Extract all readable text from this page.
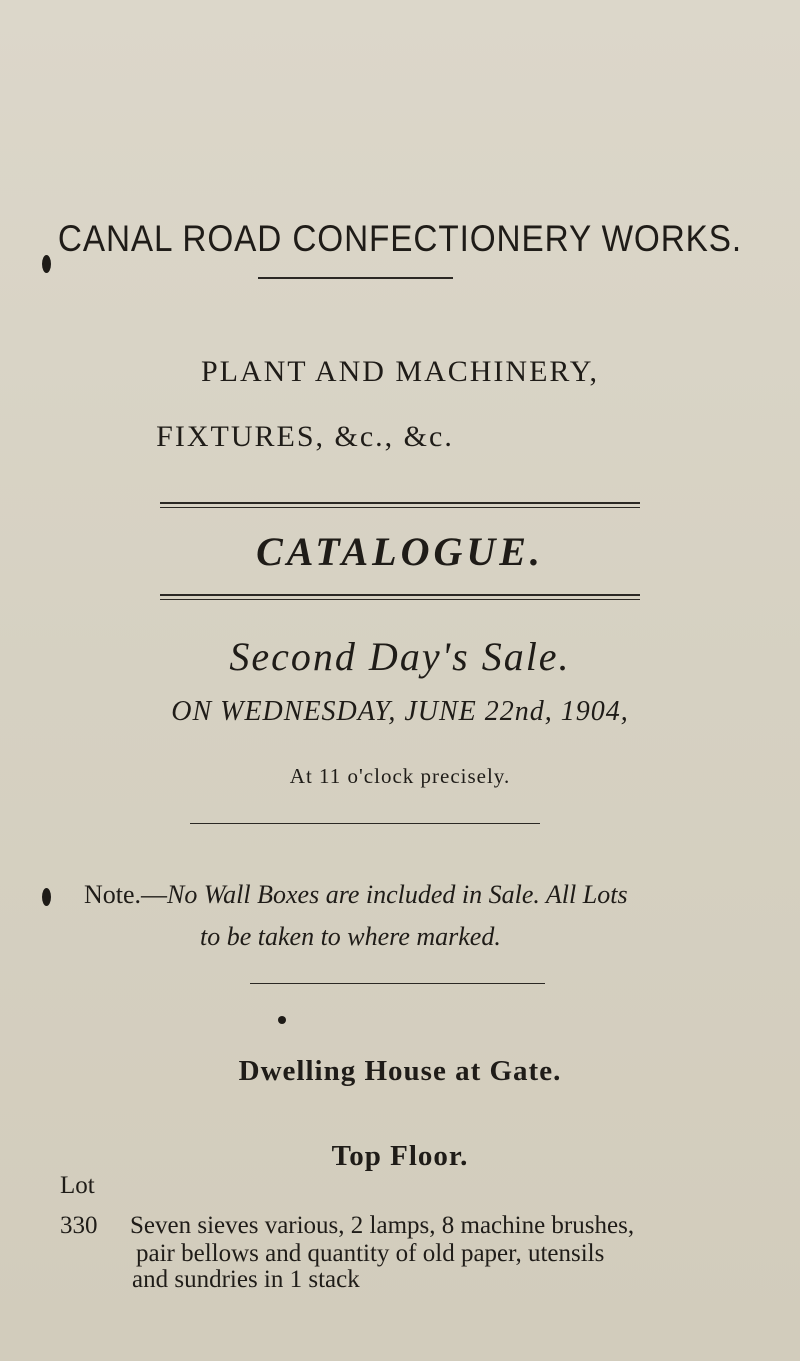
CANAL ROAD CONFECTIONERY WORKS.
PLANT AND MACHINERY,
FIXTURES, &c., &c.
CATALOGUE.
Second Day's Sale.
ON WEDNESDAY, JUNE 22nd, 1904,
At 11 o'clock precisely.
Note.—No Wall Boxes are included in Sale. All Lots
to be taken to where marked.
Dwelling House at Gate.
Top Floor.
Lot
330 Seven sieves various, 2 lamps, 8 machine brushes,
pair bellows and quantity of old paper, utensils
and sundries in 1 stack
